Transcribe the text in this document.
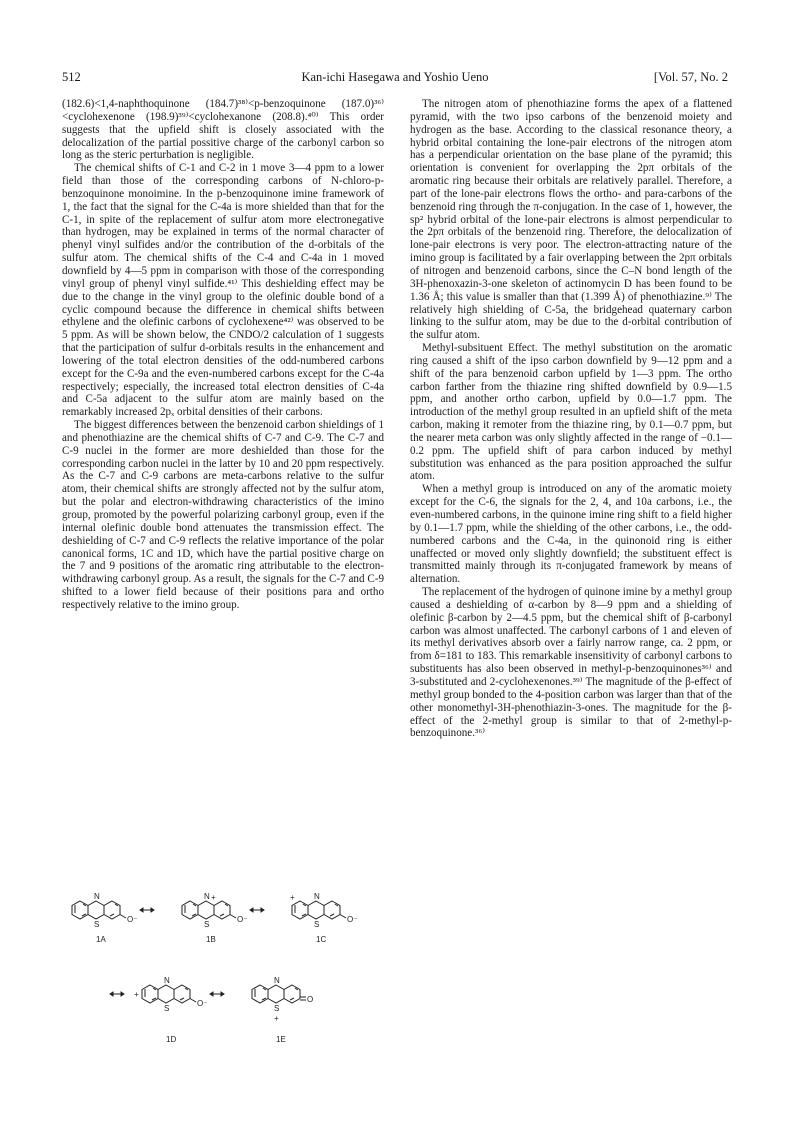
512	Kan-ichi Hasegawa and Yoshio Ueno	[Vol. 57, No. 2

(182.6)<1,4-naphthoquinone (184.7)³⁸⁾<p-benzoquinone (187.0)³⁶⁾ <cyclohexenone (198.9)³⁹⁾<cyclohexanone (208.8).⁴⁰⁾ This order suggests that the upfield shift is closely associated with the delocalization of the partial possitive charge of the carbonyl carbon so long as the steric perturbation is negligible.

The chemical shifts of C-1 and C-2 in 1 move 3—4 ppm to a lower field than those of the corresponding carbons of N-chloro-p-benzoquinone monoimine. In the p-benzoquinone imine framework of 1, the fact that the signal for the C-4a is more shielded than that for the C-1, in spite of the replacement of sulfur atom more electronegative than hydrogen, may be explained in terms of the normal character of phenyl vinyl sulfides and/or the contribution of the d-orbitals of the sulfur atom. The chemical shifts of the C-4 and C-4a in 1 moved downfield by 4—5 ppm in comparison with those of the corresponding vinyl group of phenyl vinyl sulfide.⁴¹⁾ This deshielding effect may be due to the change in the vinyl group to the olefinic double bond of a cyclic compound because the difference in chemical shifts between ethylene and the olefinic carbons of cyclohexene⁴²⁾ was observed to be 5 ppm. As will be shown below, the CNDO/2 calculation of 1 suggests that the participation of sulfur d-orbitals results in the enhancement and lowering of the total electron densities of the odd-numbered carbons except for the C-9a and the even-numbered carbons except for the C-4a respectively; especially, the increased total electron densities of C-4a and C-5a adjacent to the sulfur atom are mainly based on the remarkably increased 2pₓ orbital densities of their carbons.

The biggest differences between the benzenoid carbon shieldings of 1 and phenothiazine are the chemical shifts of C-7 and C-9. The C-7 and C-9 nuclei in the former are more deshielded than those for the corresponding carbon nuclei in the latter by 10 and 20 ppm respectively. As the C-7 and C-9 carbons are meta-carbons relative to the sulfur atom, their chemical shifts are strongly affected not by the sulfur atom, but the polar and electron-withdrawing characteristics of the imino group, promoted by the powerful polarizing carbonyl group, even if the internal olefinic double bond attenuates the transmission effect. The deshielding of C-7 and C-9 reflects the relative importance of the polar canonical forms, 1C and 1D, which have the partial positive charge on the 7 and 9 positions of the aromatic ring attributable to the electron-withdrawing carbonyl group. As a result, the signals for the C-7 and C-9 shifted to a lower field because of their positions para and ortho respectively relative to the imino group.

The nitrogen atom of phenothiazine forms the apex of a flattened pyramid, with the two ipso carbons of the benzenoid moiety and hydrogen as the base. According to the classical resonance theory, a hybrid orbital containing the lone-pair electrons of the nitrogen atom has a perpendicular orientation on the base plane of the pyramid; this orientation is convenient for overlapping the 2pπ orbitals of the aromatic ring because their orbitals are relatively parallel. Therefore, a part of the lone-pair electrons flows the ortho- and para-carbons of the benzenoid ring through the π-conjugation. In the case of 1, however, the sp² hybrid orbital of the lone-pair electrons is almost perpendicular to the 2pπ orbitals of the benzenoid ring. Therefore, the delocalization of lone-pair electrons is very poor. The electron-attracting nature of the imino group is facilitated by a fair overlapping between the 2pπ orbitals of nitrogen and benzenoid carbons, since the C–N bond length of the 3H-phenoxazin-3-one skeleton of actinomycin D has been found to be 1.36 Å; this value is smaller than that (1.399 Å) of phenothiazine.⁹⁾ The relatively high shielding of C-5a, the bridgehead quaternary carbon linking to the sulfur atom, may be due to the d-orbital contribution of the sulfur atom.

Methyl-subsituent Effect. The methyl substitution on the aromatic ring caused a shift of the ipso carbon downfield by 9—12 ppm and a shift of the para benzenoid carbon upfield by 1—3 ppm. The ortho carbon farther from the thiazine ring shifted downfield by 0.9—1.5 ppm, and another ortho carbon, upfield by 0.0—1.7 ppm. The introduction of the methyl group resulted in an upfield shift of the meta carbon, making it remoter from the thiazine ring, by 0.1—0.7 ppm, but the nearer meta carbon was only slightly affected in the range of −0.1—0.2 ppm. The upfield shift of para carbon induced by methyl substitution was enhanced as the para position approached the sulfur atom.

When a methyl group is introduced on any of the aromatic moiety except for the C-6, the signals for the 2, 4, and 10a carbons, i.e., the even-numbered carbons, in the quinone imine ring shift to a field higher by 0.1—1.7 ppm, while the shielding of the other carbons, i.e., the odd-numbered carbons and the C-4a, in the quinonoid ring is either unaffected or moved only slightly downfield; the substituent effect is transmitted mainly through its π-conjugated framework by means of alternation.

The replacement of the hydrogen of quinone imine by a methyl group caused a deshielding of α-carbon by 8—9 ppm and a shielding of olefinic β-carbon by 2—4.5 ppm, but the chemical shift of β-carbonyl carbon was almost unaffected. The carbonyl carbons of 1 and eleven of its methyl derivatives absorb over a fairly narrow range, ca. 2 ppm, or from δ=181 to 183. This remarkable insensitivity of carbonyl carbons to substituents has also been observed in methyl-p-benzoquinones³⁶⁾ and 3-substituted and 2-cyclohexenones.³⁹⁾ The magnitude of the β-effect of methyl group bonded to the 4-position carbon was larger than that of the other monomethyl-3H-phenothiazin-3-ones. The magnitude for the β-effect of the 2-methyl group is similar to that of 2-methyl-p-benzoquinone.³⁶⁾

N
S
O⁻
1A
N +
S
O⁻
1B
+ N
S
O⁻
1C
+
N
S
O⁻
1D
N
S
+
O
1E
